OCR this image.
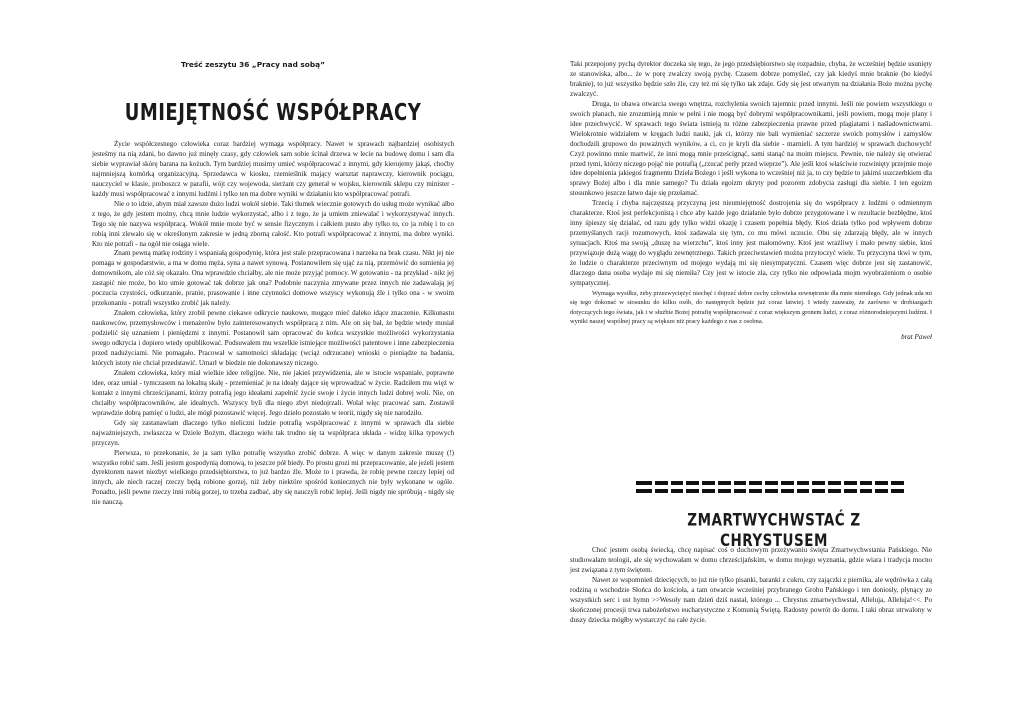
Treść zeszytu 36 „Pracy nad sobą”
UMIEJĘTNOŚĆ WSPÓŁPRACY

Życie współczesnego człowieka coraz bardziej wymaga współpracy. Nawet w sprawach najbardziej osobistych jesteśmy na nią zdani, bo dawno już minęły czasy, gdy człowiek sam sobie ścinał drzewa w lecie na budowę domu i sam dla siebie wyprawiał skórę barana na kożuch. Tym bardziej musimy umieć współpracować z innymi, gdy kierujemy jakąś, choćby najmniejszą komórką organizacyjną. Sprzedawca w kiosku, rzemieślnik mający warsztat naprawczy, kierownik pociągu, nauczyciel w klasie, proboszcz w parafii, wójt czy wojewoda, sierżant czy generał w wojsku, kierownik sklepu czy minister - każdy musi współpracować z innymi ludźmi i tylko ten ma dobre wyniki w działaniu kto współpracować potrafi.

Nie o to idzie, abym miał zawsze dużo ludzi wokół siebie. Taki tłumek wiecznie gotowych do usług może wynikać albo z tego, że gdy jestem możny, chcą mnie ludzie wykorzystać, albo i z tego, że ja umiem zniewalać i wykorzystywać innych. Tego się nie nazywa współpracą. Wokół mnie może być w sensie fizycznym i całkiem pusto aby tylko to, co ja robię i to co robią inni zlewało się w określonym zakresie w jedną zborną całość. Kto potrafi współpracować z innymi, ma dobre wyniki. Kto nie potrafi - na ogół nie osiąga wiele.

Znam pewną matkę rodziny i wspaniałą gospodynię, która jest stale przepracowana i narzeka na brak czasu. Nikt jej nie pomaga w gospodarstwie, a ma w domu męża, syna a nawet synową. Postanowiłem się ująć za nią, przemówić do sumienia jej domownikom, ale cóż się okazało. Ona wprawdzie chciałby, ale nie może przyjąć pomocy. W gotowaniu - na przykład - nikt jej zastąpić nie może, bo kto umie gotować tak dobrze jak ona? Podobnie naczynia zmywane przez innych nie zadawalają jej poczucia czystości, odkurzanie, pranie, prasowanie i inne czynności domowe wszyscy wykonują źle i tylko ona - w swoim przekonaniu - potrafi wszystko zrobić jak należy.

Znałem człowieka, który zrobił pewne ciekawe odkrycie naukowe, mogące mieć daleko idące znaczenie. Kilkunastu naukowców, przemysłowców i menażerów było zainteresowanych współpracą z nim. Ale on się bał, że będzie wtedy musiał podzielić się uznaniem i pieniędzmi z innymi. Postanowił sam opracować do końca wszystkie możliwości wykorzystania swego odkrycia i dopiero wtedy opublikować. Podsuwałem mu wszelkie istniejące możliwości patentowe i inne zabezpieczenia przed nadużyciami. Nie pomagało. Pracował w samotności składając (wciąż odrzucane) wnioski o pieniądze na badania, których istoty nie chciał przedstawić. Umarł w biedzie nie dokonawszy niczego.

Znałem człowieka, który miał wielkie idee religijne. Nie, nie jakieś przywidzenia, ale w istocie wspaniałe, poprawne idee, oraz umiał - tymczasem na lokalną skalę - przemieniać je na ideały dające się wprowadzać w życie. Radziłem mu więź w kontakt z innymi chrześcijanami, którzy potrafią jego ideałami zapełnić życie swoje i życie innych ludzi dobrej woli. Nie, on chciałby współpracowników, ale idealnych. Wszyscy byli dla niego zbyt niedojrzali. Wolał więc pracować sam. Zostawił wprawdzie dobrą pamięć u ludzi, ale mógł pozostawić więcej. Jego dzieło pozostało w teorii, nigdy się nie narodziło.

Gdy się zastanawiam dlaczego tylko nieliczni ludzie potrafią współpracować z innymi w sprawach dla siebie najważniejszych, zwłaszcza w Dziele Bożym, dlaczego wielu tak trudno się ta współpraca układa - widzę kilka typowych przyczyn.

Pierwsza, to przekonanie, że ja sam tylko potrafię wszystko zrobić dobrze. A więc w danym zakresie muszę (!) wszystko robić sam. Jeśli jestem gospodynią domową, to jeszcze pół biedy. Po prostu grozi mi przepracowanie, ale jeżeli jestem dyrektorem nawet niezbyt wielkiego przedsiębiorstwa, to już bardzo źle. Może to i prawda, że robię pewne rzeczy lepiej od innych, ale niech raczej rzeczy będą robione gorzej, niż żeby niektóre spośród koniecznych nie były wykonane w ogóle. Ponadto, jeśli pewne rzeczy inni robią gorzej, to trzeba zadbać, aby się nauczyli robić lepiej. Jeśli nigdy nie spróbują - nigdy się nie nauczą.

Taki przepojony pychą dyrektor doczeka się tego, że jego przedsiębiorstwo się rozpadnie, chyba, że wcześniej będzie usunięty ze stanowiska, albo... że w porę zwalczy swoją pychę. Czasem dobrze pomyśleć, czy jak kiedyś mnie braknie (bo kiedyś braknie), to już wszystko będzie szło źle, czy też mi się tylko tak zdaje. Gdy się jest otwartym na działania Boże można pychę zwalczyć.

Druga, to obawa otwarcia swego wnętrza, rozchylenia swoich tajemnic przed innymi. Jeśli nie powiem wszystkiego o swoich planach, nie zrozumieją mnie w pełni i nie mogą być dobrymi współpracownikami, jeśli powiem, mogą moje plany i idee przechwycić. W sprawach tego świata istnieją tu różne zabezpieczenia prawne przed plagiatami i naśladownictwami. Wielokrotnie widziałem w kręgach ludzi nauki, jak ci, którzy nie bali wymieniać szczerze swoich pomysłów i zamysłów dochodzili grupowo do poważnych wyników, a ci, co je kryli dla siebie - marnieli. A tym bardziej w sprawach duchowych! Czyż powinno mnie martwić, że inni mogą mnie prześcignąć, sami stanąć na moim miejscu. Pewnie, nie należy się otwierać przed tymi, którzy niczego pojąć nie potrafią („rzucać perły przed wieprze”). Ale jeśli ktoś właściwie rozwinięty przejmie moje idee dopełnienia jakiegoś fragmentu Dzieła Bożego i jeśli wykona to wcześniej niż ja, to czy będzie to jakimś uszczerbkiem dla sprawy Bożej albo i dla mnie samego? Tu działa egoizm ukryty pod pozorem zdobycia zasługi dla siebie. I ten egoizm stosunkowo jeszcze łatwo daje się przełamać.

Trzecią i chyba najczęstszą przyczyną jest nieumiejętność dostrojenia się do współpracy z ludźmi o odmiennym charakterze. Ktoś jest perfekcjonistą i chce aby każde jego działanie było dobrze przygotowane i w rezultacie bezbłędne, ktoś inny śpieszy się działać, od razu gdy tylko widzi okazję i czasem popełnia błędy. Ktoś działa tylko pod wpływem dobrze przemyślanych racji rozumowych, ktoś zadawala się tym, co mu mówi uczucie. Obu się zdarzają błędy, ale w innych sytuacjach. Ktoś ma swoją „duszę na wierzchu”, ktoś inny jest małomówny. Ktoś jest wrażliwy i mało pewny siebie, ktoś przywiązuje dużą wagę do wyglądu zewnętrznego. Takich przeciwstawień można przytoczyć wiele. Tu przyczyna tkwi w tym, że ludzie o charakterze przeciwnym od mojego wydają mi się niesympatyczni. Czasem więc dobrze jest się zastanowić, dlaczego dana osoba wydaje mi się niemiła? Czy jest w istocie zła, czy tylko nie odpowiada mojm wyobrażeniom o osobie sympatycznej.

Wymaga wysiłku, żeby przezwyciężyć niechęć i dojrzeć dobre cechy człowieka zewnętrznie dla mnie niemiłego. Gdy jednak uda mi się tego dokonać w stosunku do kilku osób, do następnych będzie już coraz łatwiej. I wtedy zauważę, że zarówno w drobiazgach dotyczących tego świata, jak i w służbie Bożej potrafię współpracować z coraz większym gronem ludzi, z coraz różnorodniejszymi ludźmi. I wyniki naszej wspólnej pracy są większe niż pracy każdego z nas z osobna.

brat Paweł
ZMARTWYCHWSTAĆ Z CHRYSTUSEM

Choć jestem osobą świecką, chcę napisać coś o duchowym przeżywaniu święta Zmartwychwstania Pańskiego. Nie studiowałam teologii, ale się wychowałam w domu chrześcijańskim, w domu mojego wyznania, gdzie wiara i tradycja mocno jest związana z tym świętem.

Nawet ze wspomnień dziecięcych, to już nie tylko pisanki, baranki z cukru, czy zajączki z piernika, ale wędrówka z całą rodziną o wschodzie Słońca do kościoła, a tam otwarcie wcześniej przybranego Grobu Pańskiego i ten doniosły, płynący ze wszystkich serc i ust hymn >>Wesoły nam dzień dziś nastał, którego ... Chrystus zmartwychwstał, Alleluja, Alleluja!<<. Po skończonej procesji trwa nabożeństwo eucharystyczne z Komunią Świętą. Radosny powrót do domu. I taki obraz utrwalony w duszy dziecka mógłby wystarczyć na całe życie.
